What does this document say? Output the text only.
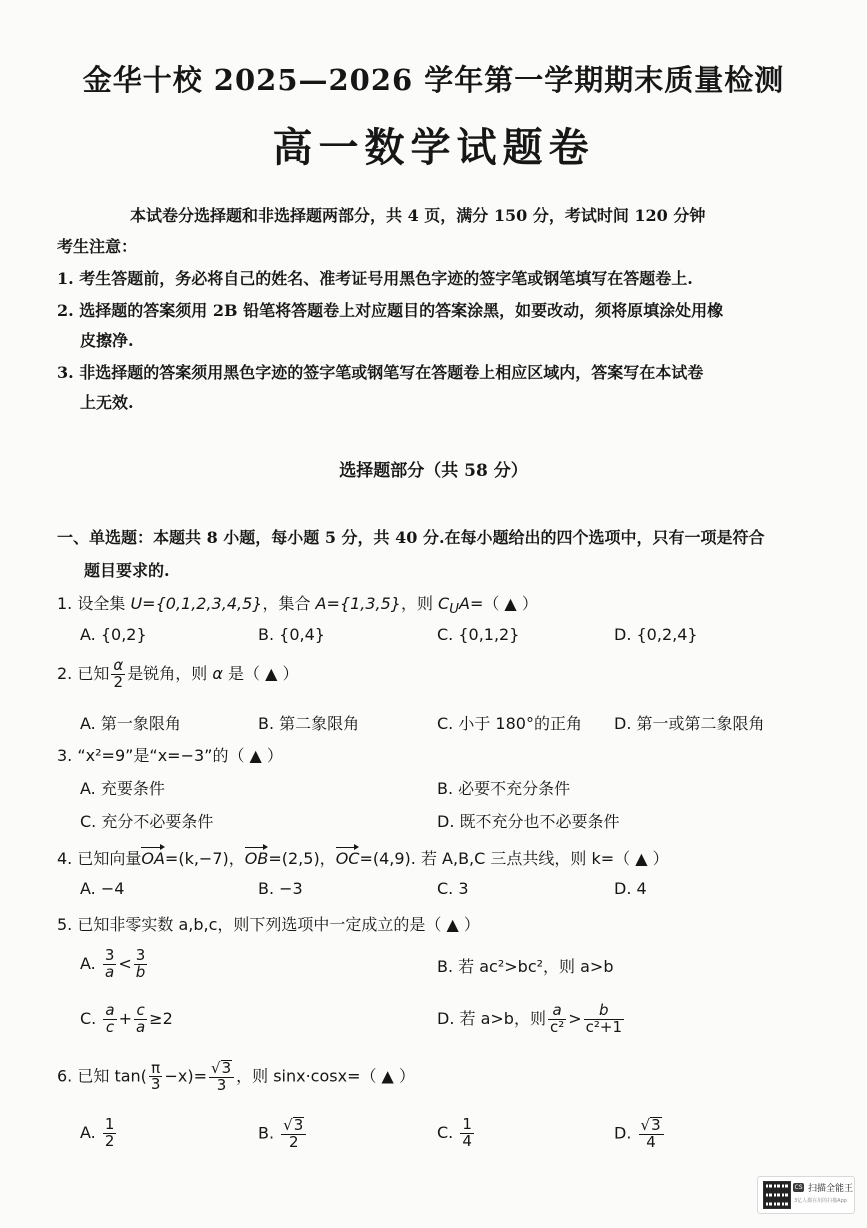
金华十校 2025—2026 学年第一学期期末质量检测
高一数学试题卷
本试卷分选择题和非选择题两部分，共 4 页，满分 150 分，考试时间 120 分钟
考生注意：
1. 考生答题前，务必将自己的姓名、准考证号用黑色字迹的签字笔或钢笔填写在答题卷上.
2. 选择题的答案须用 2B 铅笔将答题卷上对应题目的答案涂黑，如要改动，须将原填涂处用橡
皮擦净.
3. 非选择题的答案须用黑色字迹的签字笔或钢笔写在答题卷上相应区域内，答案写在本试卷
上无效.
选择题部分（共 58 分）
一、单选题：本题共 8 小题，每小题 5 分，共 40 分.在每小题给出的四个选项中，只有一项是符合
题目要求的.
1. 设全集 U={0,1,2,3,4,5}，集合 A={1,3,5}，则 $C_UA=$（ ▲ ）
A. {0,2}	B. {0,4}	C. {0,1,2}	D. {0,2,4}
2. 已知 $\frac{\alpha}{2}$ 是锐角，则 α 是（ ▲ ）
A. 第一象限角	B. 第二象限角	C. 小于 180°的正角 D. 第一或第二象限角
3. “x²=9”是“x=−3”的（ ▲ ）
A. 充要条件	B. 必要不充分条件
C. 充分不必要条件	D. 既不充分也不必要条件
4. 已知向量OA=(k,−7)，OB=(2,5)，OC=(4,9). 若 A,B,C 三点共线，则 k=（ ▲ ）
A. −4	B. −3	C. 3	D. 4
5. 已知非零实数 a,b,c，则下列选项中一定成立的是（ ▲ ）
A. $\frac{3}{a} < \frac{3}{b}$	B. 若 ac²>bc²，则 a>b
C. $\frac{a}{c} + \frac{c}{a} \ge 2$	D. 若 a>b，则 $\frac{a}{\text{c²}} > \frac{b}{\text{c²+1}}$
6. 已知 $\tan( \frac{\pi}{3} -x)= \frac{√3}{3}$ ，则 sinx·cosx=（ ▲ ）
A. $\frac{1}{2}$	B. $\frac{√3}{2}$	C. $\frac{1}{4}$	D. $\frac{√3}{4}$
CS 扫描全能王
3亿人都在用的扫描App
